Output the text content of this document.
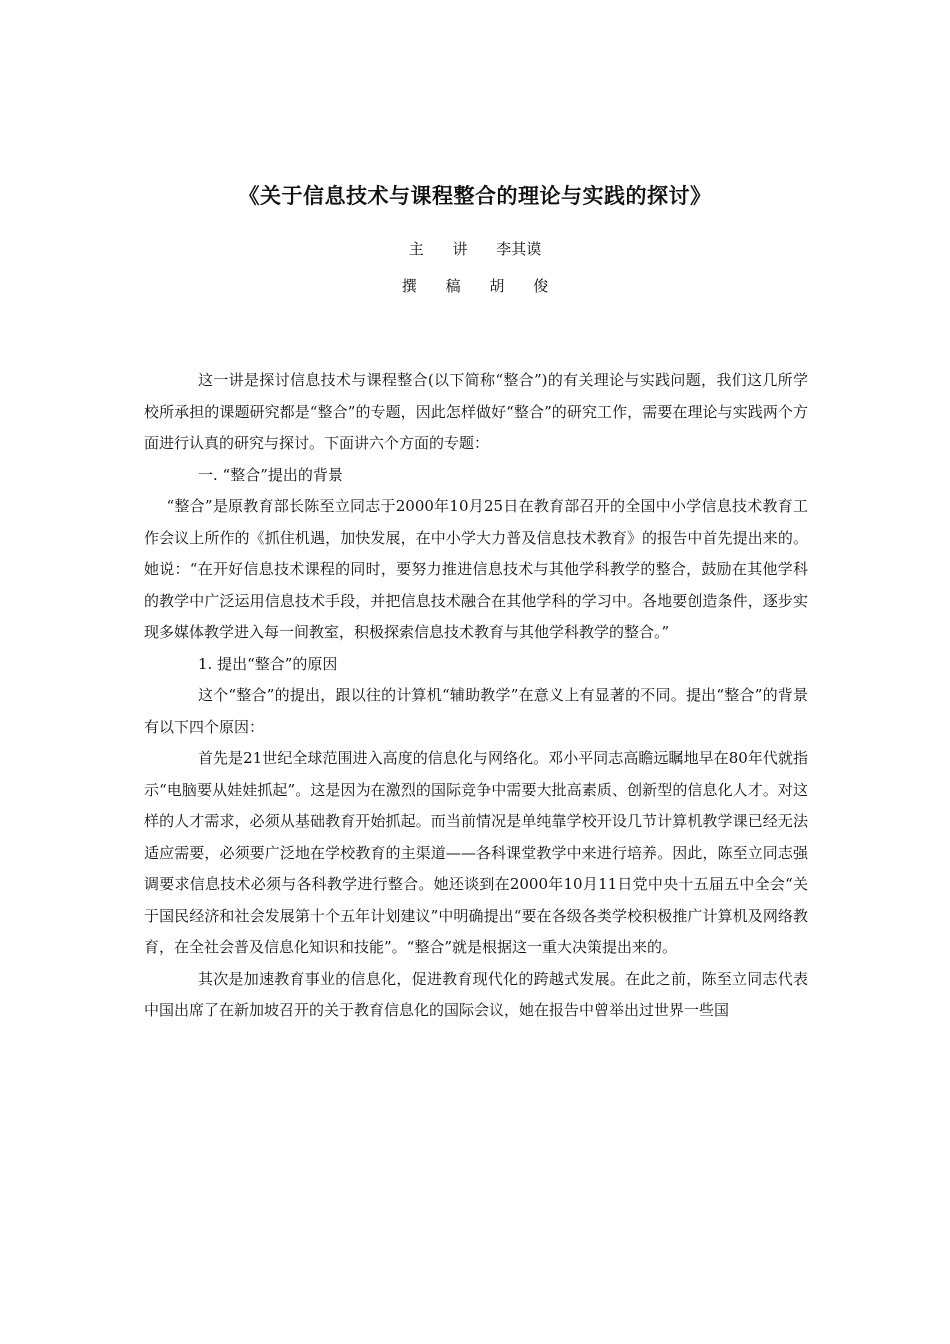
《关于信息技术与课程整合的理论与实践的探讨》
主 讲 李其谟
撰 稿 胡 俊

这一讲是探讨信息技术与课程整合(以下简称“整合”)的有关理论与实践问题，我们这几所学校所承担的课题研究都是“整合”的专题，因此怎样做好“整合”的研究工作，需要在理论与实践两个方面进行认真的研究与探讨。下面讲六个方面的专题：

一. “整合”提出的背景

“整合”是原教育部长陈至立同志于2000年10月25日在教育部召开的全国中小学信息技术教育工作会议上所作的《抓住机遇，加快发展，在中小学大力普及信息技术教育》的报告中首先提出来的。她说：“在开好信息技术课程的同时，要努力推进信息技术与其他学科教学的整合，鼓励在其他学科的教学中广泛运用信息技术手段，并把信息技术融合在其他学科的学习中。各地要创造条件，逐步实现多媒体教学进入每一间教室，积极探索信息技术教育与其他学科教学的整合。”

1. 提出“整合”的原因

这个“整合”的提出，跟以往的计算机“辅助教学”在意义上有显著的不同。提出“整合”的背景有以下四个原因：

首先是21世纪全球范围进入高度的信息化与网络化。邓小平同志高瞻远瞩地早在80年代就指示“电脑要从娃娃抓起”。这是因为在激烈的国际竞争中需要大批高素质、创新型的信息化人才。对这样的人才需求，必须从基础教育开始抓起。而当前情况是单纯靠学校开设几节计算机教学课已经无法适应需要，必须要广泛地在学校教育的主渠道——各科课堂教学中来进行培养。因此，陈至立同志强调要求信息技术必须与各科教学进行整合。她还谈到在2000年10月11日党中央十五届五中全会“关于国民经济和社会发展第十个五年计划建议”中明确提出“要在各级各类学校积极推广计算机及网络教育，在全社会普及信息化知识和技能”。“整合”就是根据这一重大决策提出来的。

其次是加速教育事业的信息化，促进教育现代化的跨越式发展。在此之前，陈至立同志代表中国出席了在新加坡召开的关于教育信息化的国际会议，她在报告中曾举出过世界一些国
